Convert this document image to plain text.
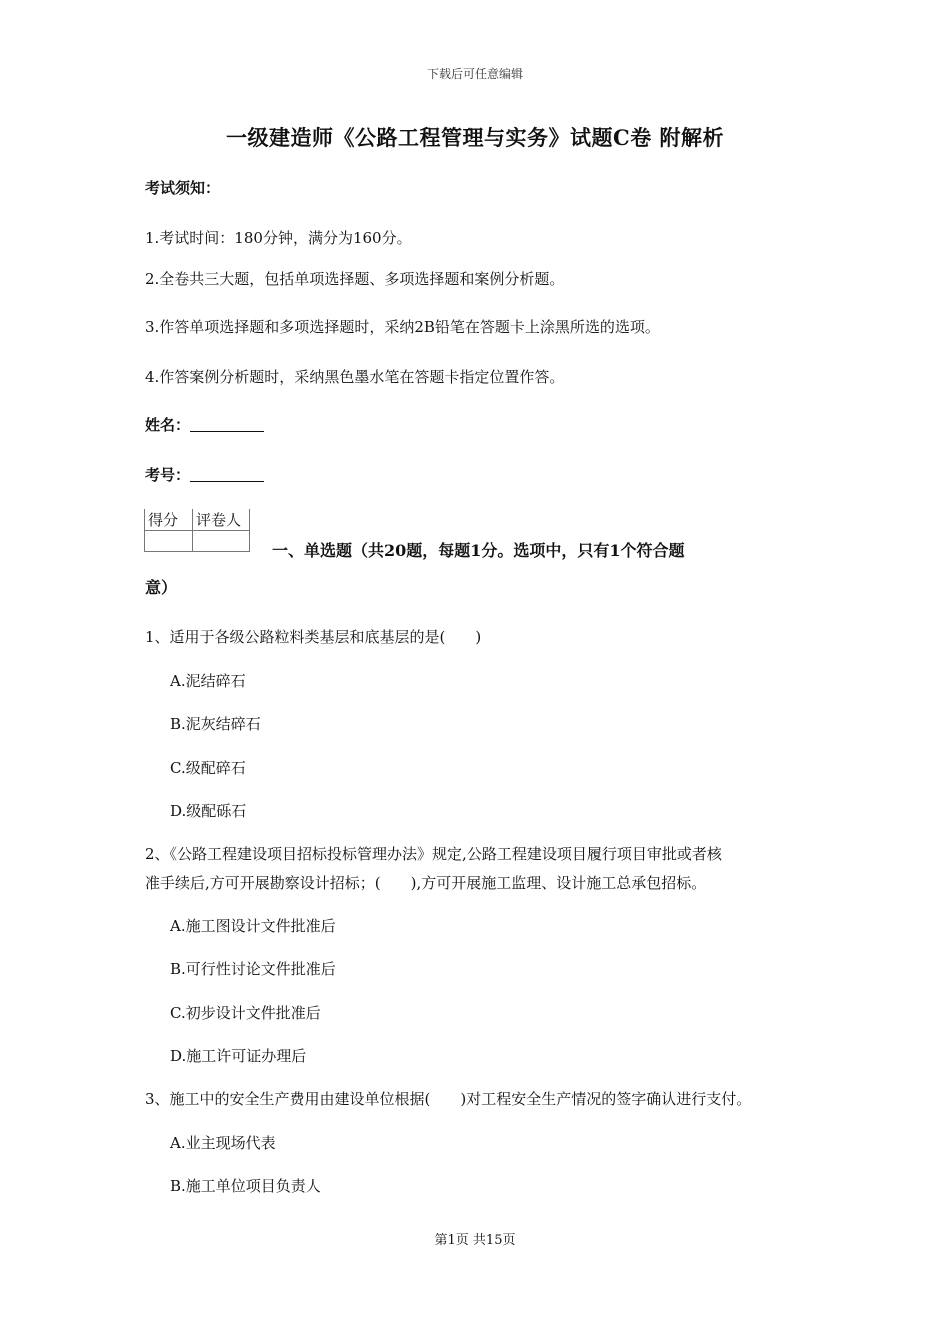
下载后可任意编辑
一级建造师《公路工程管理与实务》试题C卷 附解析
考试须知：
1.考试时间：180分钟，满分为160分。
2.全卷共三大题，包括单项选择题、多项选择题和案例分析题。
3.作答单项选择题和多项选择题时，采纳2B铅笔在答题卡上涂黑所选的选项。
4.作答案例分析题时，采纳黑色墨水笔在答题卡指定位置作答。
姓名：
考号：
得分	评卷人

一、单选题（共20题，每题1分。选项中，只有1个符合题
意）
1、适用于各级公路粒料类基层和底基层的是(　　)
A.泥结碎石
B.泥灰结碎石
C.级配碎石
D.级配砾石
2、《公路工程建设项目招标投标管理办法》规定,公路工程建设项目履行项目审批或者核
准手续后,方可开展勘察设计招标；(　　),方可开展施工监理、设计施工总承包招标。
A.施工图设计文件批准后
B.可行性讨论文件批准后
C.初步设计文件批准后
D.施工许可证办理后
3、施工中的安全生产费用由建设单位根据(　　)对工程安全生产情况的签字确认进行支付。
A.业主现场代表
B.施工单位项目负责人
第1页 共15页
